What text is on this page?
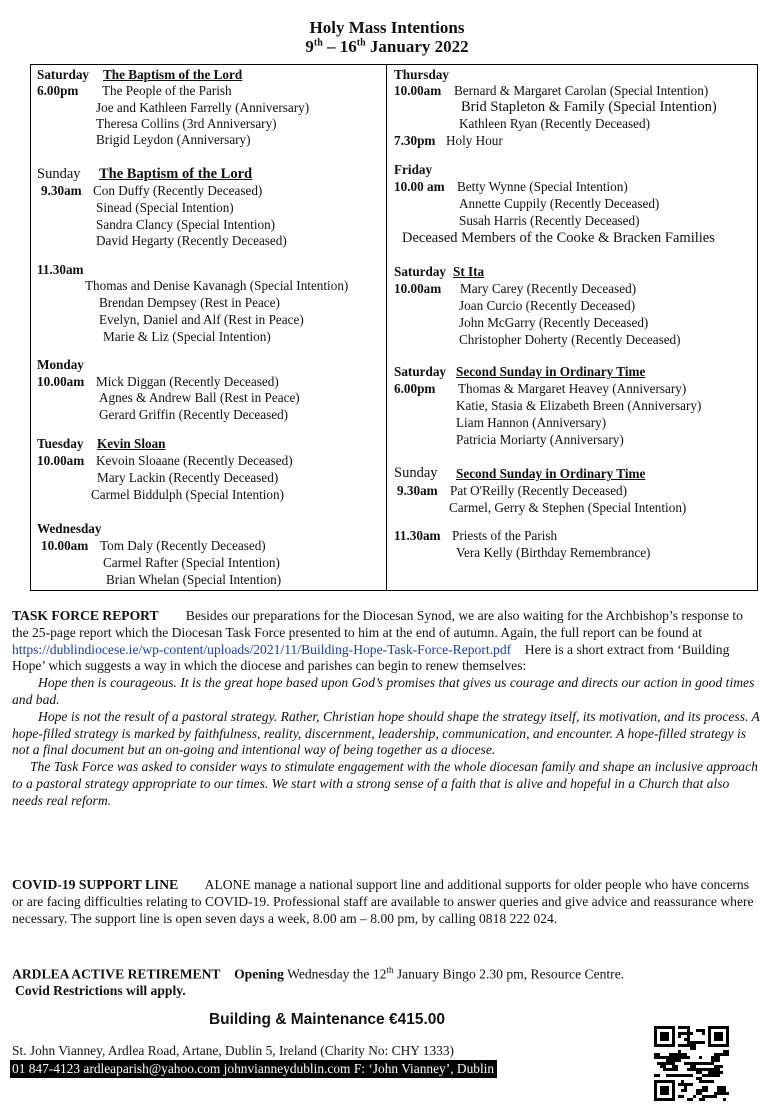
Holy Mass Intentions
9th – 16th January 2022
Saturday The Baptism of the Lord
6.00pm The People of the Parish
Joe and Kathleen Farrelly (Anniversary)
Theresa Collins (3rd Anniversary)
Brigid Leydon (Anniversary)
Sunday The Baptism of the Lord
9.30am Con Duffy (Recently Deceased)
Sinead (Special Intention)
Sandra Clancy (Special Intention)
David Hegarty (Recently Deceased)
11.30am
Thomas and Denise Kavanagh (Special Intention)
Brendan Dempsey (Rest in Peace)
Evelyn, Daniel and Alf (Rest in Peace)
Marie & Liz (Special Intention)
Monday
10.00am Mick Diggan (Recently Deceased)
Agnes & Andrew Ball (Rest in Peace)
Gerard Griffin (Recently Deceased)
Tuesday Kevin Sloan
10.00am Kevoin Sloaane (Recently Deceased)
Mary Lackin (Recently Deceased)
Carmel Biddulph (Special Intention)
Wednesday
10.00am Tom Daly (Recently Deceased)
Carmel Rafter (Special Intention)
Brian Whelan (Special Intention)
Thursday
10.00am Bernard & Margaret Carolan (Special Intention)
Brid Stapleton & Family (Special Intention)
Kathleen Ryan (Recently Deceased)
7.30pm Holy Hour
Friday
10.00 am Betty Wynne (Special Intention)
Annette Cuppily (Recently Deceased)
Susah Harris (Recently Deceased)
Deceased Members of the Cooke & Bracken Families
Saturday St Ita
10.00am Mary Carey (Recently Deceased)
Joan Curcio (Recently Deceased)
John McGarry (Recently Deceased)
Christopher Doherty (Recently Deceased)
Saturday Second Sunday in Ordinary Time
6.00pm Thomas & Margaret Heavey (Anniversary)
Katie, Stasia & Elizabeth Breen (Anniversary)
Liam Hannon (Anniversary)
Patricia Moriarty (Anniversary)
Sunday Second Sunday in Ordinary Time
9.30am Pat O'Reilly (Recently Deceased)
Carmel, Gerry & Stephen (Special Intention)
11.30am Priests of the Parish
Vera Kelly (Birthday Remembrance)
TASK FORCE REPORT Besides our preparations for the Diocesan Synod, we are also waiting for the Archbishop’s response to the 25-page report which the Diocesan Task Force presented to him at the end of autumn. Again, the full report can be found at https://dublindiocese.ie/wp-content/uploads/2021/11/Building-Hope-Task-Force-Report.pdf Here is a short extract from ‘Building Hope’ which suggests a way in which the diocese and parishes can begin to renew themselves:
Hope then is courageous. It is the great hope based upon God’s promises that gives us courage and directs our action in good times and bad.
Hope is not the result of a pastoral strategy. Rather, Christian hope should shape the strategy itself, its motivation, and its process. A hope-filled strategy is marked by faithfulness, reality, discernment, leadership, communication, and encounter. A hope-filled strategy is not a final document but an on-going and intentional way of being together as a diocese.
The Task Force was asked to consider ways to stimulate engagement with the whole diocesan family and shape an inclusive approach to a pastoral strategy appropriate to our times. We start with a strong sense of a faith that is alive and hopeful in a Church that also needs real reform.
COVID-19 SUPPORT LINE ALONE manage a national support line and additional supports for older people who have concerns or are facing difficulties relating to COVID-19. Professional staff are available to answer queries and give advice and reassurance where necessary. The support line is open seven days a week, 8.00 am – 8.00 pm, by calling 0818 222 024.
ARDLEA ACTIVE RETIREMENT Opening Wednesday the 12th January Bingo 2.30 pm, Resource Centre.
Covid Restrictions will apply.
Building & Maintenance €415.00
St. John Vianney, Ardlea Road, Artane, Dublin 5, Ireland (Charity No: CHY 1333)
01 847-4123 ardleaparish@yahoo.com johnvianneydublin.com F: ‘John Vianney’, Dublin
